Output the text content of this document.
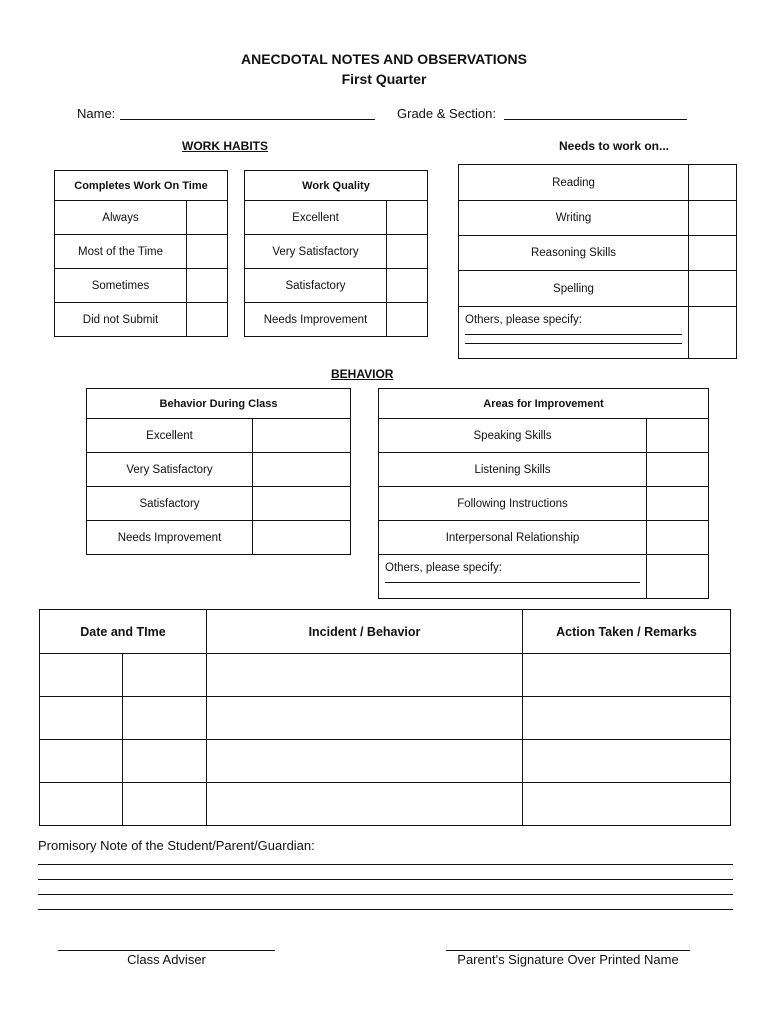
ANECDOTAL NOTES AND OBSERVATIONS
First Quarter
Name:	Grade & Section:
WORK HABITS	Needs to work on...
Completes Work On Time	
Always	
Most of the Time	
Sometimes	
Did not Submit	
Work Quality	
Excellent	
Very Satisfactory	
Satisfactory	
Needs Improvement	
Reading	
Writing	
Reasoning Skills	
Spelling	
Others, please specify:

BEHAVIOR
Behavior During Class	
Excellent	
Very Satisfactory	
Satisfactory	
Needs Improvement	
Areas for Improvement	
Speaking Skills	
Listening Skills	
Following Instructions	
Interpersonal Relationship	
Others, please specify:

Date and TIme		Incident / Behavior	Action Taken / Remarks

Promisory Note of the Student/Parent/Guardian:
Class Adviser	Parent's Signature Over Printed Name
